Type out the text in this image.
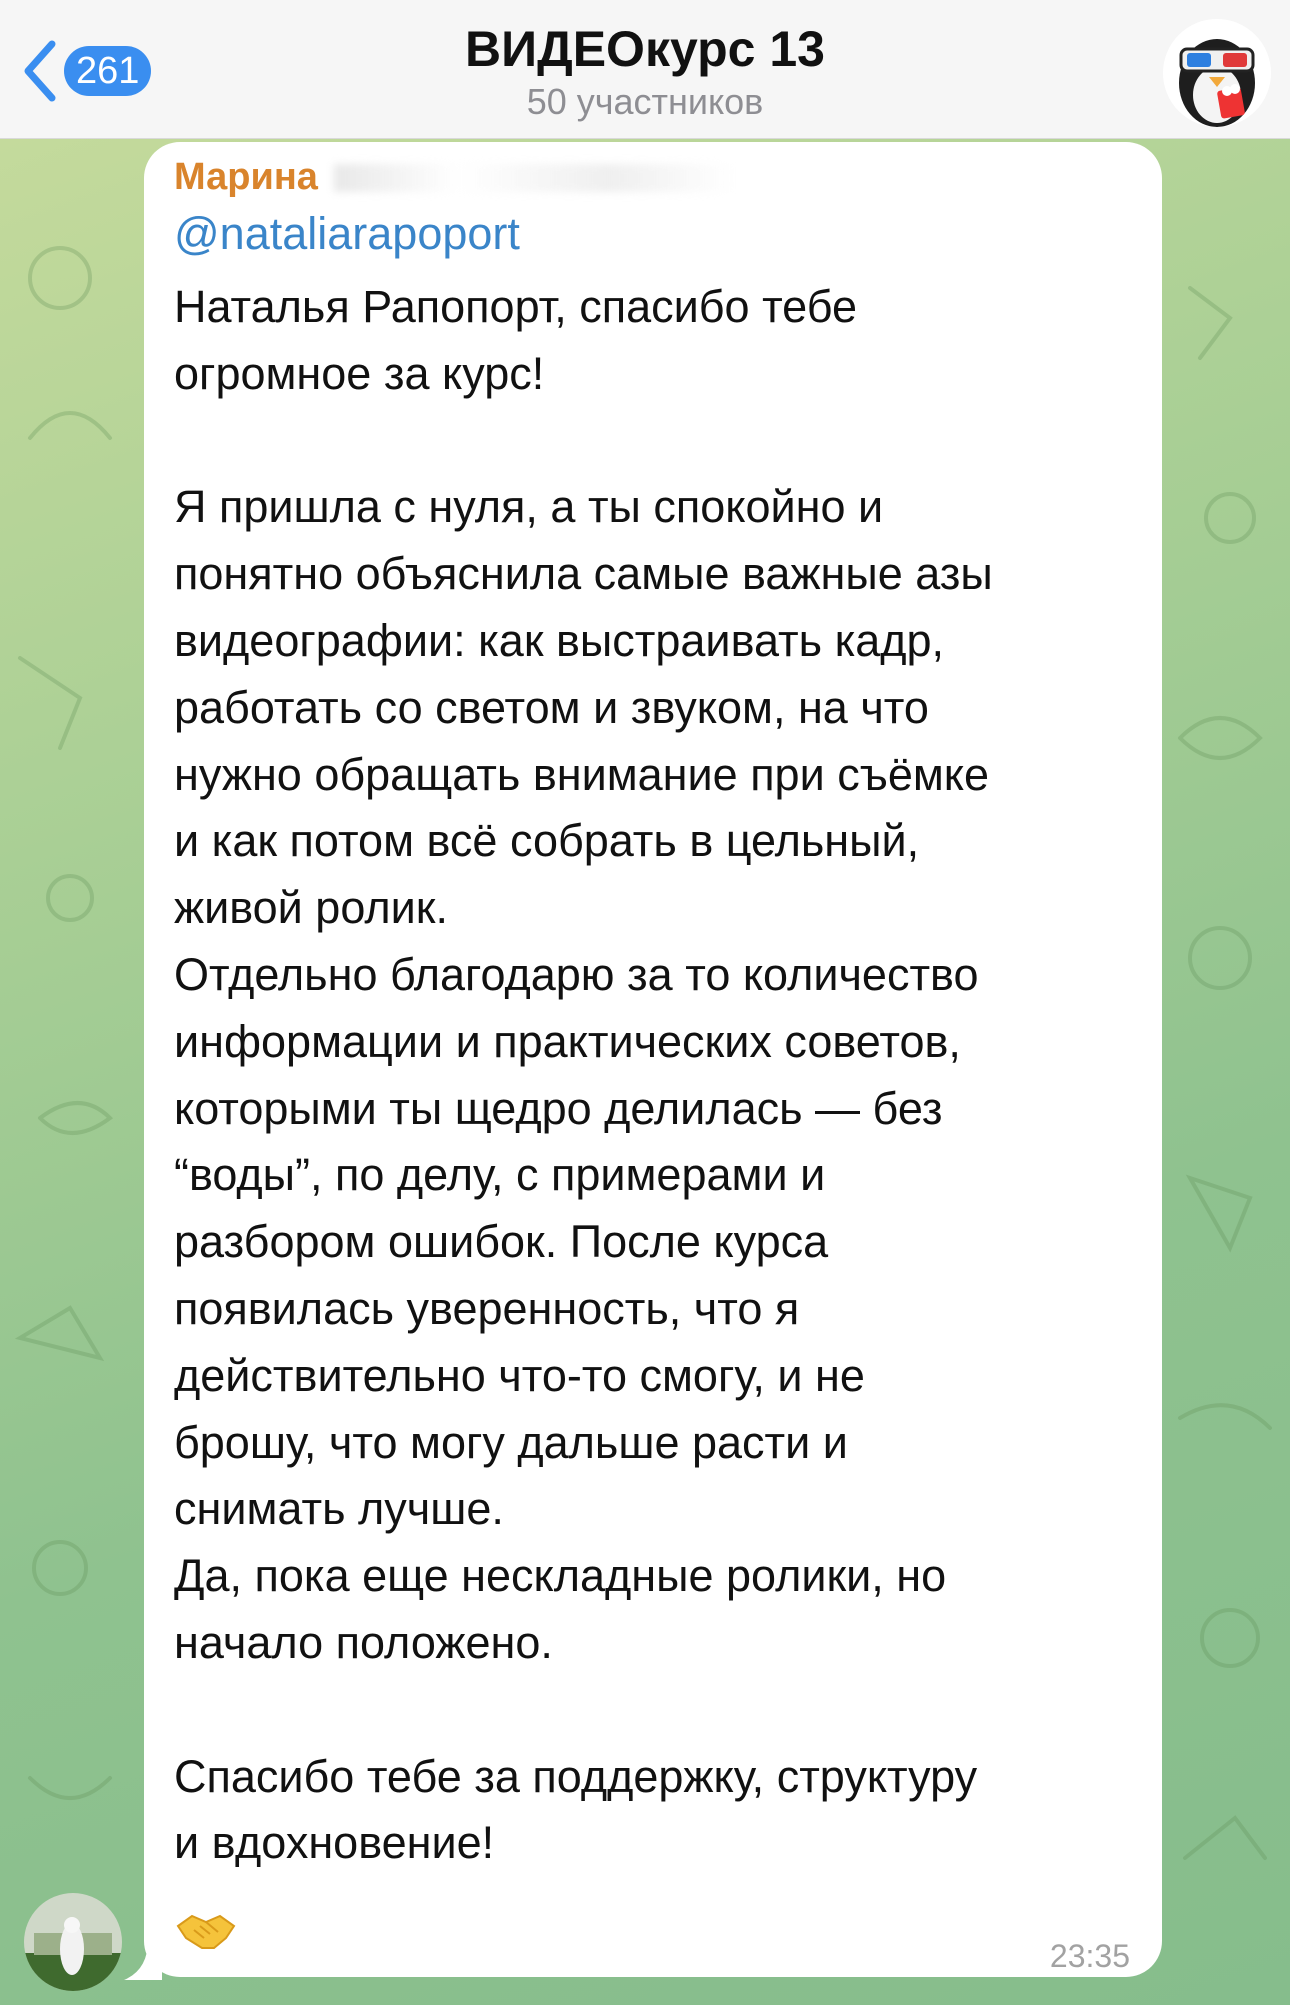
261	ВИДЕОкурс 13
50 участников
Марина
@nataliarapoport
Наталья Рапопорт, спасибо тебе
огромное за курс!
Я пришла с нуля, а ты спокойно и
понятно объяснила самые важные азы
видеографии: как выстраивать кадр,
работать со светом и звуком, на что
нужно обращать внимание при съёмке
и как потом всё собрать в цельный,
живой ролик.
Отдельно благодарю за то количество
информации и практических советов,
которыми ты щедро делилась — без
“воды”, по делу, с примерами и
разбором ошибок. После курса
появилась уверенность, что я
действительно что-то смогу, и не
брошу, что могу дальше расти и
снимать лучше.
Да, пока еще нескладные ролики, но
начало положено.
Спасибо тебе за поддержку, структуру
и вдохновение!
23:35
